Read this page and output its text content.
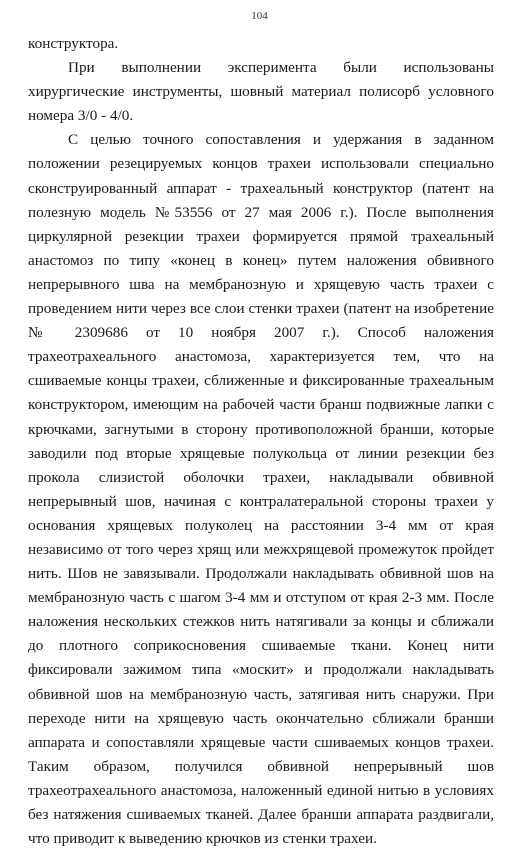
104

конструктора.

При выполнении эксперимента были использованы хирургические инструменты, шовный материал полисорб условного номера 3/0 - 4/0.

С целью точного сопоставления и удержания в заданном положении резецируемых концов трахеи использовали специально сконструированный аппарат - трахеальный конструктор (патент на полезную модель №53556 от 27 мая 2006 г.). После выполнения циркулярной резекции трахеи формируется прямой трахеальный анастомоз по типу «конец в конец» путем наложения обвивного непрерывного шва на мембранозную и хрящевую часть трахеи с проведением нити через все слои стенки трахеи (патент на изобретение № 2309686 от 10 ноября 2007 г.). Способ наложения трахеотрахеального анастомоза, характеризуется тем, что на сшиваемые концы трахеи, сближенные и фиксированные трахеальным конструктором, имеющим на рабочей части бранш подвижные лапки с крючками, загнутыми в сторону противоположной бранши, которые заводили под вторые хрящевые полукольца от линии резекции без прокола слизистой оболочки трахеи, накладывали обвивной непрерывный шов, начиная с контралатеральной стороны трахеи у основания хрящевых полуколец на расстоянии 3-4 мм от края независимо от того через хрящ или межхрящевой промежуток пройдет нить. Шов не завязывали. Продолжали накладывать обвивной шов на мембранозную часть с шагом 3-4 мм и отступом от края 2-3 мм. После наложения нескольких стежков нить натягивали за концы и сближали до плотного соприкосновения сшиваемые ткани. Конец нити фиксировали зажимом типа «москит» и продолжали накладывать обвивной шов на мембранозную часть, затягивая нить снаружи. При переходе нити на хрящевую часть окончательно сближали бранши аппарата и сопоставляли хрящевые части сшиваемых концов трахеи. Таким образом, получился обвивной непрерывный шов трахеотрахеального анастомоза, наложенный единой нитью в условиях без натяжения сшиваемых тканей. Далее бранши аппарата раздвигали, что приводит к выведению крючков из стенки трахеи.
